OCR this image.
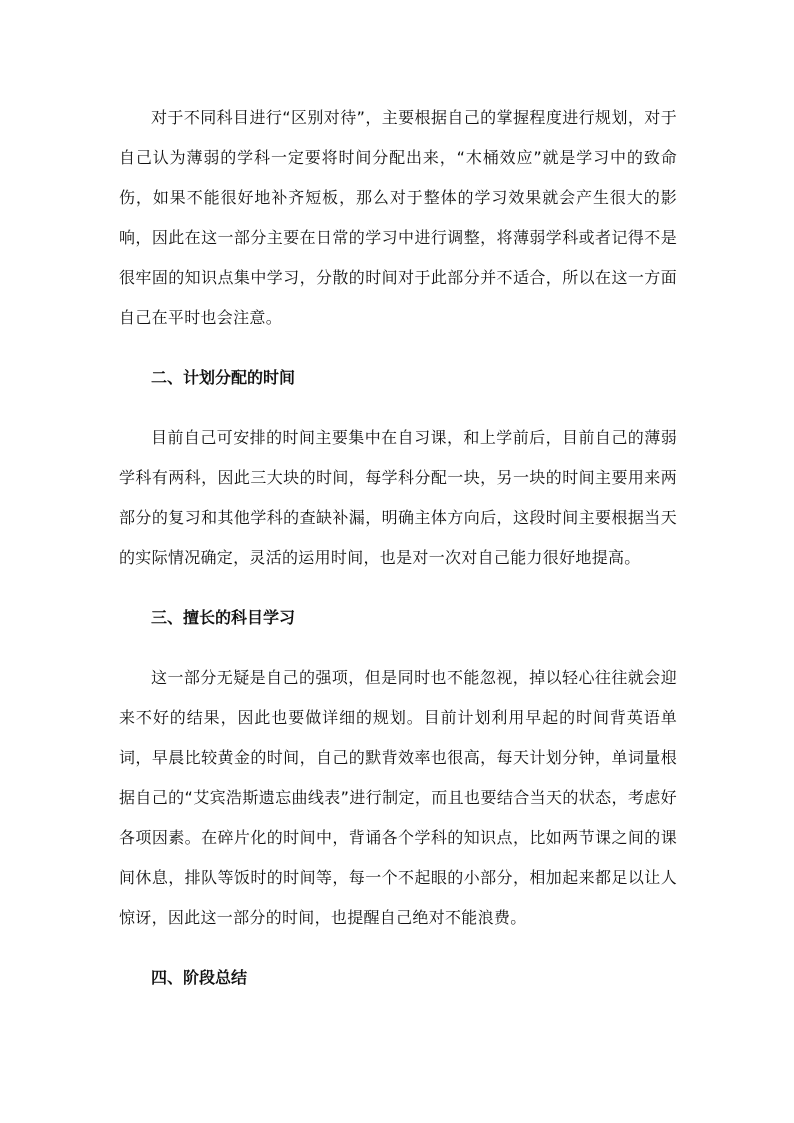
对于不同科目进行“区别对待”，主要根据自己的掌握程度进行规划，对于自己认为薄弱的学科一定要将时间分配出来，“木桶效应”就是学习中的致命伤，如果不能很好地补齐短板，那么对于整体的学习效果就会产生很大的影响，因此在这一部分主要在日常的学习中进行调整，将薄弱学科或者记得不是很牢固的知识点集中学习，分散的时间对于此部分并不适合，所以在这一方面自己在平时也会注意。

二、计划分配的时间

目前自己可安排的时间主要集中在自习课，和上学前后，目前自己的薄弱学科有两科，因此三大块的时间，每学科分配一块，另一块的时间主要用来两部分的复习和其他学科的查缺补漏，明确主体方向后，这段时间主要根据当天的实际情况确定，灵活的运用时间，也是对一次对自己能力很好地提高。

三、擅长的科目学习

这一部分无疑是自己的强项，但是同时也不能忽视，掉以轻心往往就会迎来不好的结果，因此也要做详细的规划。目前计划利用早起的时间背英语单词，早晨比较黄金的时间，自己的默背效率也很高，每天计划分钟，单词量根据自己的“艾宾浩斯遗忘曲线表”进行制定，而且也要结合当天的状态，考虑好各项因素。在碎片化的时间中，背诵各个学科的知识点，比如两节课之间的课间休息，排队等饭时的时间等，每一个不起眼的小部分，相加起来都足以让人惊讶，因此这一部分的时间，也提醒自己绝对不能浪费。

四、阶段总结
